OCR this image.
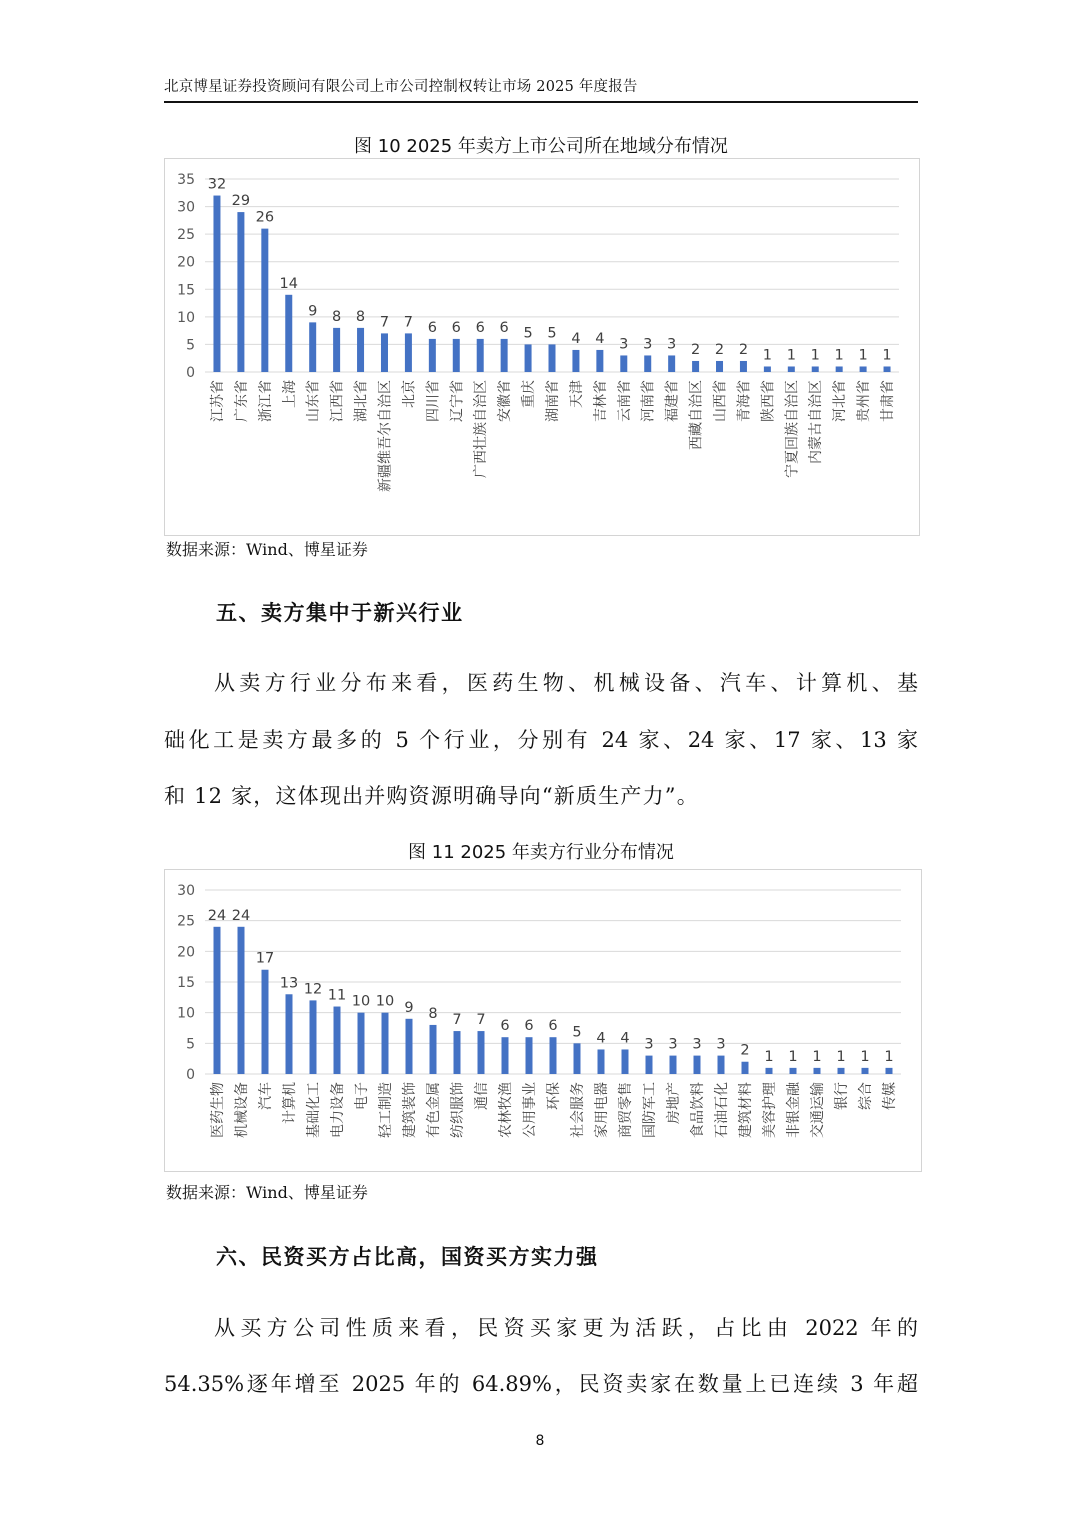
北京博星证券投资顾问有限公司上市公司控制权转让市场 2025 年度报告
图 10 2025 年卖方上市公司所在地域分布情况
0
5
10
15
20
25
30
35 32
江苏省
29
广东省
26
浙江省
14
上海
9
山东省
8
江西省
8
湖北省
7
新疆维吾尔自治区
7
北京
6
四川省
6
辽宁省
6
广西壮族自治区
6
安徽省
5
重庆
5
湖南省
4
天津
4
吉林省
3
云南省
3
河南省
3
福建省
2
西藏自治区
2
山西省
2
青海省
1
陕西省
1
宁夏回族自治区
1
内蒙古自治区
1
河北省
1
贵州省
1
甘肃省
数据来源：Wind、博星证券
五、卖方集中于新兴行业
从卖方行业分布来看，医药生物、机械设备、汽车、计算机、基
础化工是卖方最多的 5 个行业，分别有 24 家、24 家、17 家、13 家
和 12 家，这体现出并购资源明确导向“新质生产力”。
图 11 2025 年卖方行业分布情况
0
5
10
15
20
25
30
24
医药生物
24
机械设备
17
汽车
13
计算机
12
基础化工
11
电力设备
10
电子
10
轻工制造
9
建筑装饰
8
有色金属
7
纺织服饰
7
通信
6
农林牧渔
6
公用事业
6
环保
5
社会服务
4
家用电器
4
商贸零售
3
国防军工
3
房地产
3
食品饮料
3
石油石化
2
建筑材料
1
美容护理
1
非银金融
1
交通运输
1
银行
1
综合
1
传媒
数据来源：Wind、博星证券
六、民资买方占比高，国资买方实力强
从买方公司性质来看，民资买家更为活跃，占比由 2022 年的
54.35%逐年增至 2025 年的 64.89%，民资卖家在数量上已连续 3 年超
8
